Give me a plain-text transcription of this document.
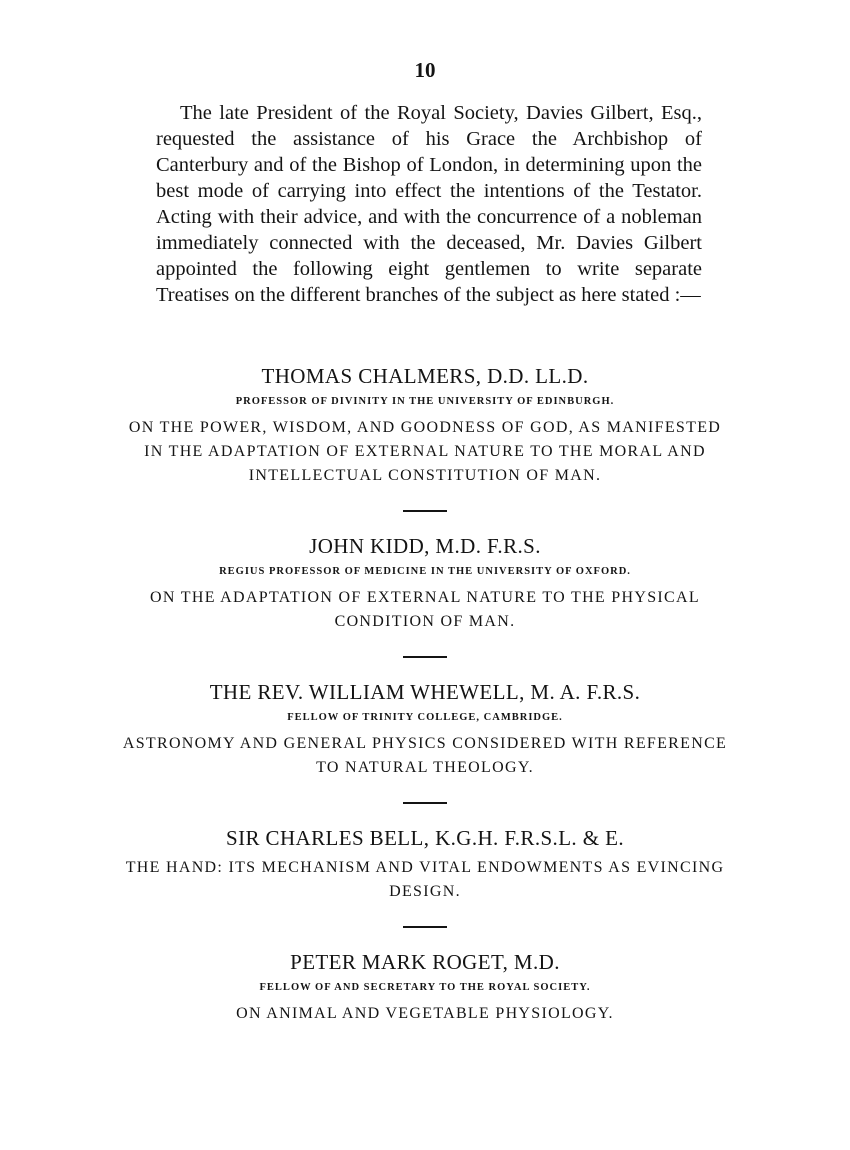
10

The late President of the Royal Society, Davies Gilbert, Esq., requested the assistance of his Grace the Archbishop of Canterbury and of the Bishop of London, in determining upon the best mode of carrying into effect the intentions of the Testator. Acting with their advice, and with the concurrence of a nobleman immediately connected with the deceased, Mr. Davies Gilbert appointed the following eight gentlemen to write separate Treatises on the different branches of the subject as here stated :—

THOMAS CHALMERS, D.D. LL.D.
PROFESSOR OF DIVINITY IN THE UNIVERSITY OF EDINBURGH.
ON THE POWER, WISDOM, AND GOODNESS OF GOD, AS MANIFESTED IN THE ADAPTATION OF EXTERNAL NATURE TO THE MORAL AND INTELLECTUAL CONSTITUTION OF MAN.
JOHN KIDD, M.D. F.R.S.
REGIUS PROFESSOR OF MEDICINE IN THE UNIVERSITY OF OXFORD.
ON THE ADAPTATION OF EXTERNAL NATURE TO THE PHYSICAL CONDITION OF MAN.
THE REV. WILLIAM WHEWELL, M. A. F.R.S.
FELLOW OF TRINITY COLLEGE, CAMBRIDGE.
ASTRONOMY AND GENERAL PHYSICS CONSIDERED WITH REFERENCE TO NATURAL THEOLOGY.
SIR CHARLES BELL, K.G.H. F.R.S.L. & E.
THE HAND: ITS MECHANISM AND VITAL ENDOWMENTS AS EVINCING DESIGN.
PETER MARK ROGET, M.D.
FELLOW OF AND SECRETARY TO THE ROYAL SOCIETY.
ON ANIMAL AND VEGETABLE PHYSIOLOGY.
